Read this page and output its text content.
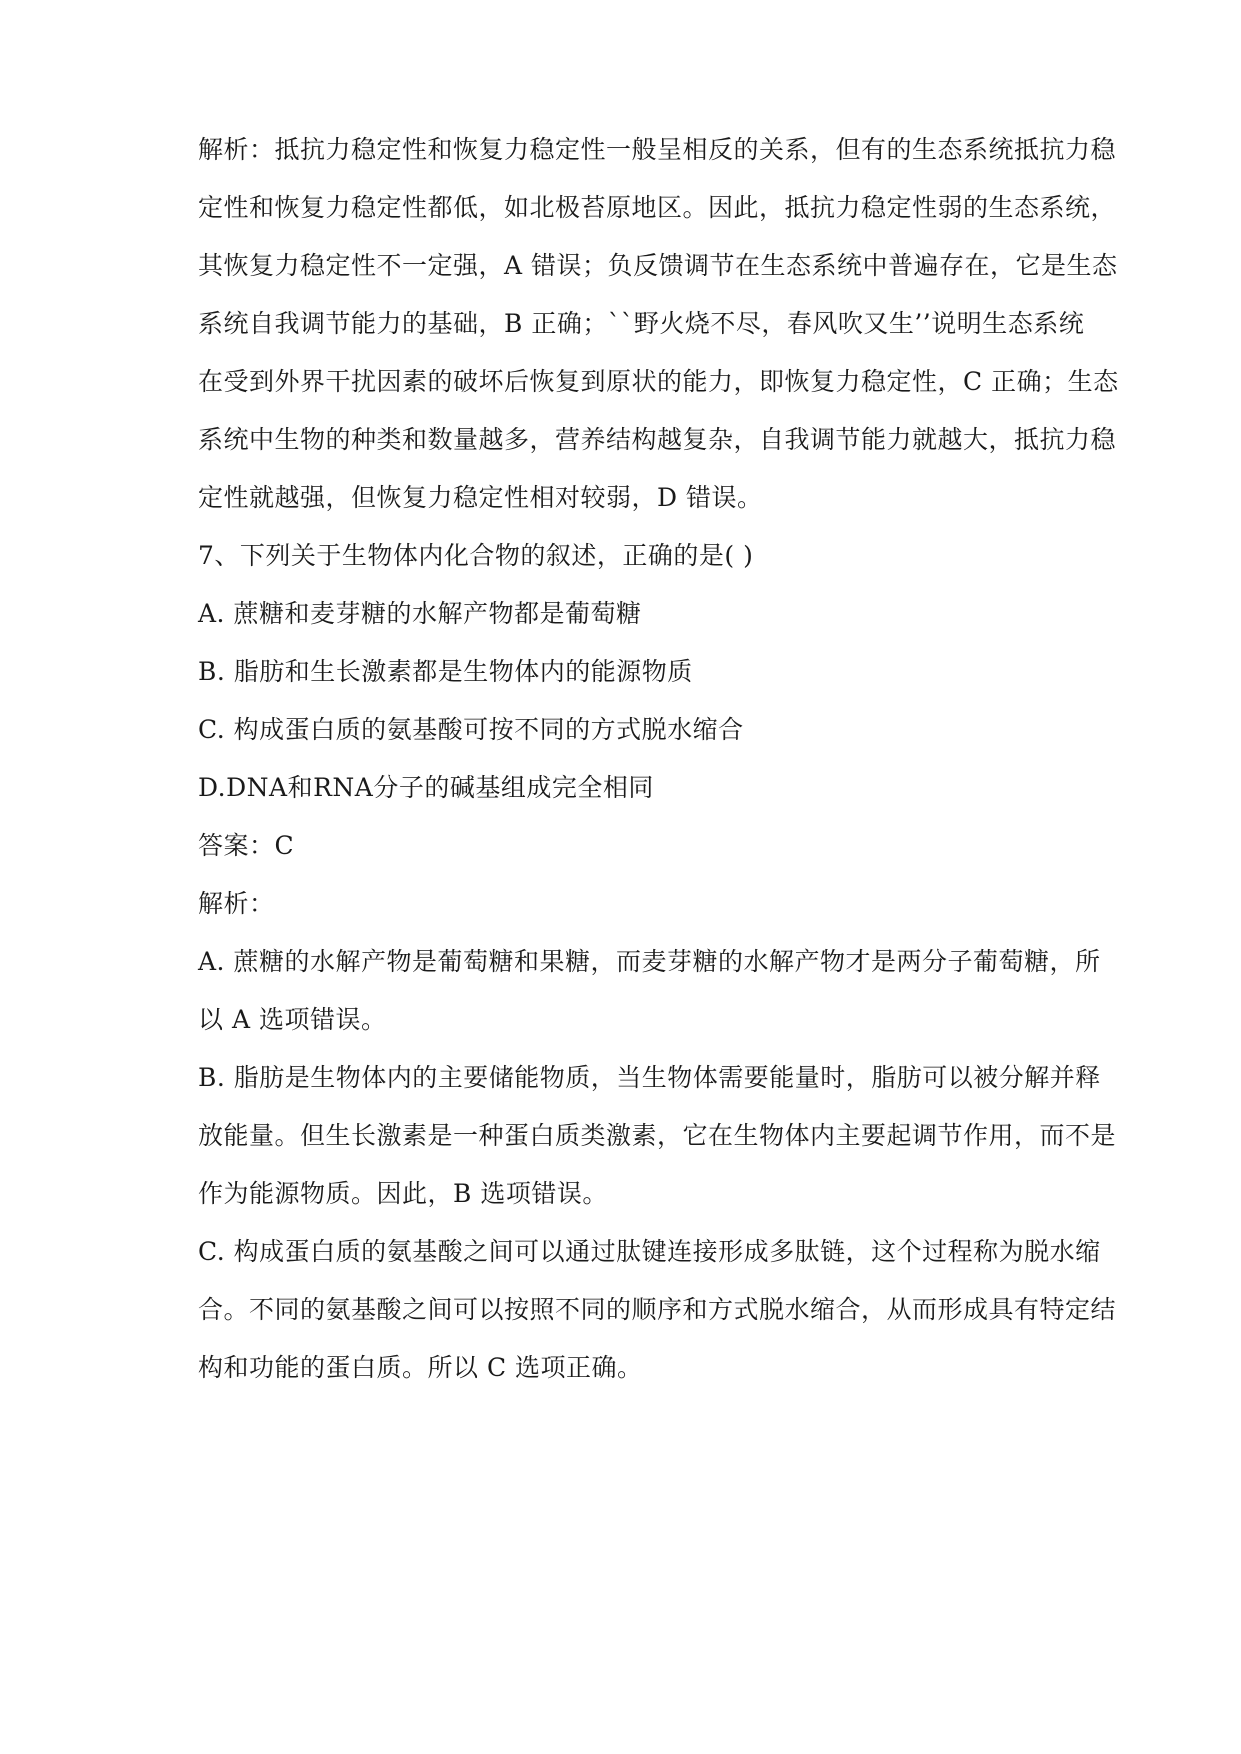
解析：抵抗力稳定性和恢复力稳定性一般呈相反的关系，但有的生态系统抵抗力稳
定性和恢复力稳定性都低，如北极苔原地区。因此，抵抗力稳定性弱的生态系统，
其恢复力稳定性不一定强，A 错误；负反馈调节在生态系统中普遍存在，它是生态
系统自我调节能力的基础，B 正确；``野火烧不尽，春风吹又生’’说明生态系统
在受到外界干扰因素的破坏后恢复到原状的能力，即恢复力稳定性，C 正确；生态
系统中生物的种类和数量越多，营养结构越复杂，自我调节能力就越大，抵抗力稳
定性就越强，但恢复力稳定性相对较弱，D 错误。
7、下列关于生物体内化合物的叙述，正确的是( )
A. 蔗糖和麦芽糖的水解产物都是葡萄糖
B. 脂肪和生长激素都是生物体内的能源物质
C. 构成蛋白质的氨基酸可按不同的方式脱水缩合
D.DNA和RNA分子的碱基组成完全相同
答案：C
解析：
A. 蔗糖的水解产物是葡萄糖和果糖，而麦芽糖的水解产物才是两分子葡萄糖，所
以 A 选项错误。
B. 脂肪是生物体内的主要储能物质，当生物体需要能量时，脂肪可以被分解并释
放能量。但生长激素是一种蛋白质类激素，它在生物体内主要起调节作用，而不是
作为能源物质。因此，B 选项错误。
C. 构成蛋白质的氨基酸之间可以通过肽键连接形成多肽链，这个过程称为脱水缩
合。不同的氨基酸之间可以按照不同的顺序和方式脱水缩合，从而形成具有特定结
构和功能的蛋白质。所以 C 选项正确。
